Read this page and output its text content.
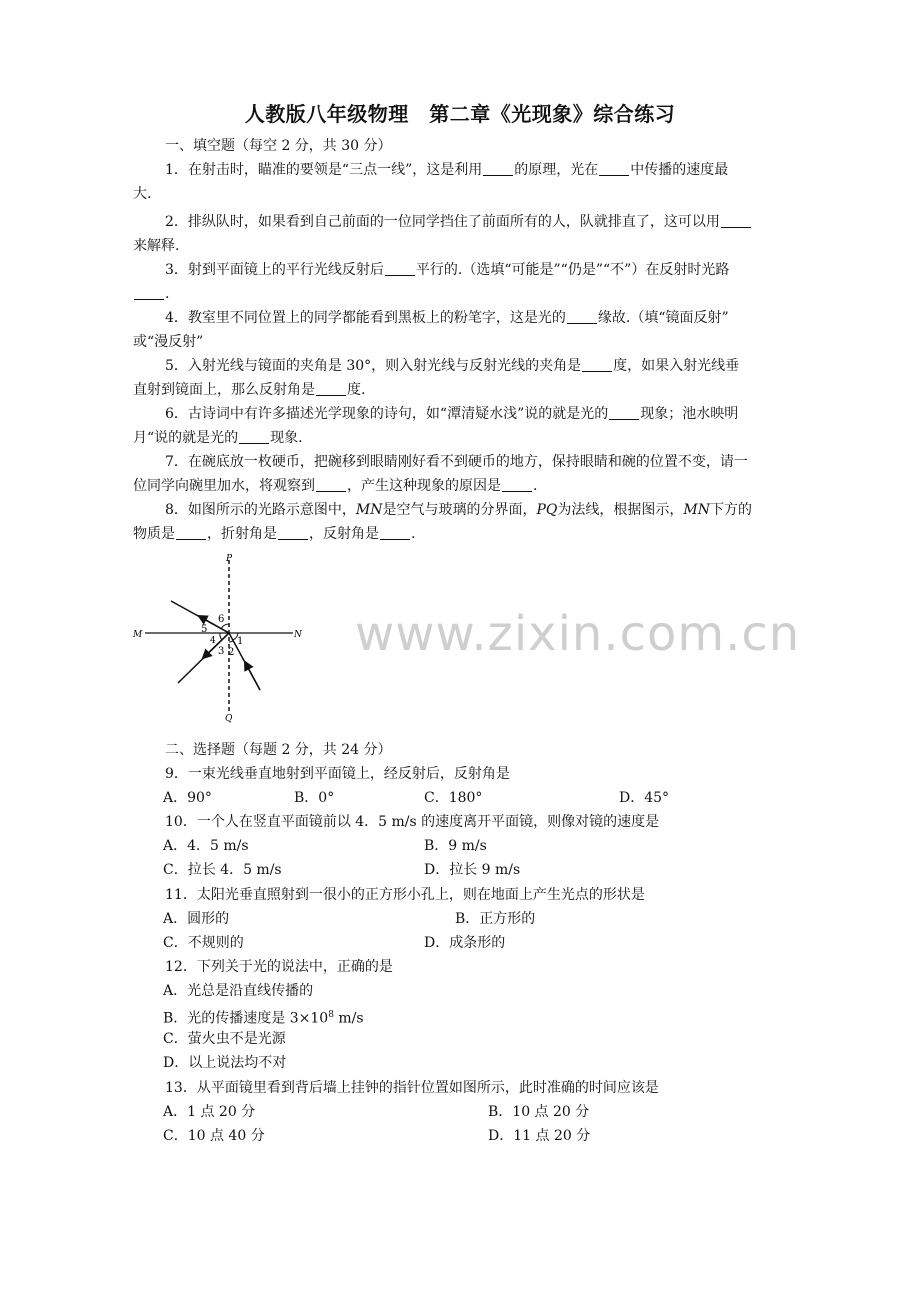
人教版八年级物理　第二章《光现象》综合练习
一、填空题（每空 2 分，共 30 分）
1．在射击时，瞄准的要领是“三点一线”，这是利用 的原理，光在 中传播的速度最
大.
2．排纵队时，如果看到自己前面的一位同学挡住了前面所有的人，队就排直了，这可以用
来解释.
3．射到平面镜上的平行光线反射后 平行的.（选填“可能是”“仍是”“不”）在反射时光路
.
4．教室里不同位置上的同学都能看到黑板上的粉笔字，这是光的 缘故.（填“镜面反射”
或“漫反射”
5．入射光线与镜面的夹角是 30°，则入射光线与反射光线的夹角是 度，如果入射光线垂
直射到镜面上，那么反射角是 度.
6．古诗词中有许多描述光学现象的诗句，如“潭清疑水浅”说的就是光的 现象；池水映明
月“说的就是光的 现象.
7．在碗底放一枚硬币，把碗移到眼睛刚好看不到硬币的地方，保持眼睛和碗的位置不变，请一
位同学向碗里加水，将观察到 ，产生这种现象的原因是 .
8．如图所示的光路示意图中，MN是空气与玻璃的分界面，PQ为法线，根据图示，MN下方的
物质是 ，折射角是 ，反射角是 .
P
Q
M	N
6
5
4
3 2
1 www.zixin.com.cn
二、选择题（每题 2 分，共 24 分）
9．一束光线垂直地射到平面镜上，经反射后，反射角是
A．90°	B．0°	C．180°	D．45°
10．一个人在竖直平面镜前以 4．5 m/s 的速度离开平面镜，则像对镜的速度是
A．4．5 m/s	B．9 m/s
C．拉长 4．5 m/s	D．拉长 9 m/s
11．太阳光垂直照射到一很小的正方形小孔上，则在地面上产生光点的形状是
A．圆形的	B．正方形的
C．不规则的	D．成条形的
12．下列关于光的说法中，正确的是
A．光总是沿直线传播的
B．光的传播速度是 $3\times 10^8$ m/s
C．萤火虫不是光源
D．以上说法均不对
13．从平面镜里看到背后墙上挂钟的指针位置如图所示，此时准确的时间应该是
A．1 点 20 分	B．10 点 20 分
C．10 点 40 分	D．11 点 20 分
